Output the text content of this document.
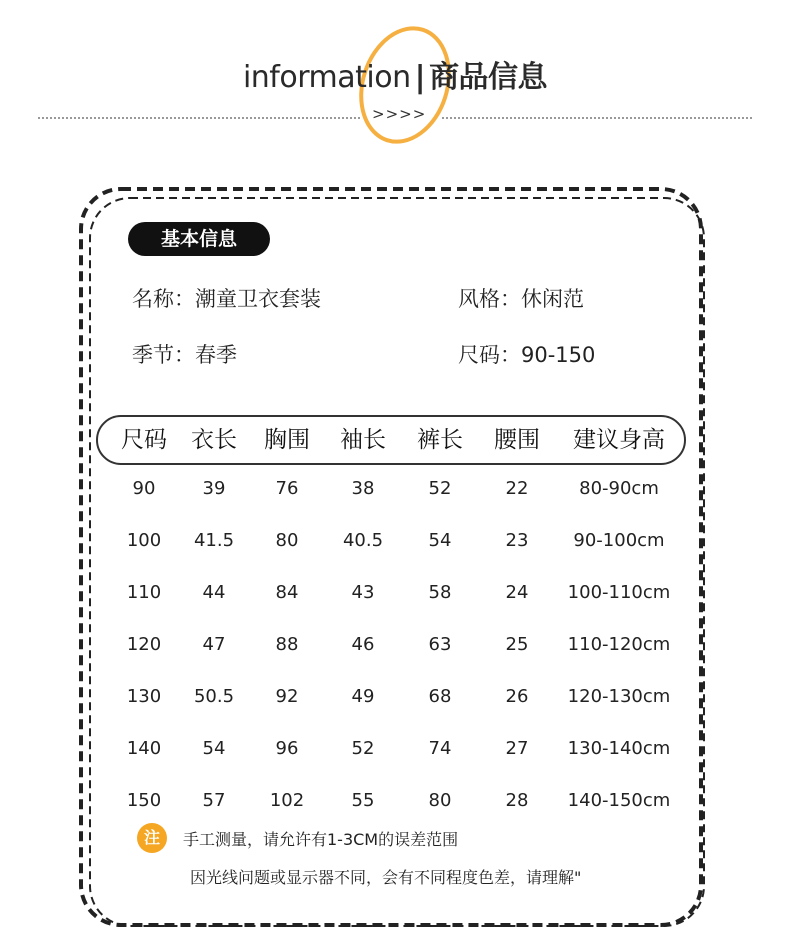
information | 商品信息
>>>>
基本信息
名称：潮童卫衣套装	风格：休闲范
季节：春季	尺码：90-150
尺码 衣长 胸围 袖长 裤长 腰围 建议身高
90	39	76	38	52	22	80-90cm
100 41.5 80 40.5	54	23 90-100cm
110 44	84	43	58	24 100-110cm
120 47	88	46	63	25 110-120cm
130 50.5 92	49	68	26 120-130cm
140 54	96	52	74	27 130-140cm
150 57 102	55	80	28 140-150cm
注	手工测量，请允许有1-3CM的误差范围
因光线问题或显示器不同，会有不同程度色差，请理解"
